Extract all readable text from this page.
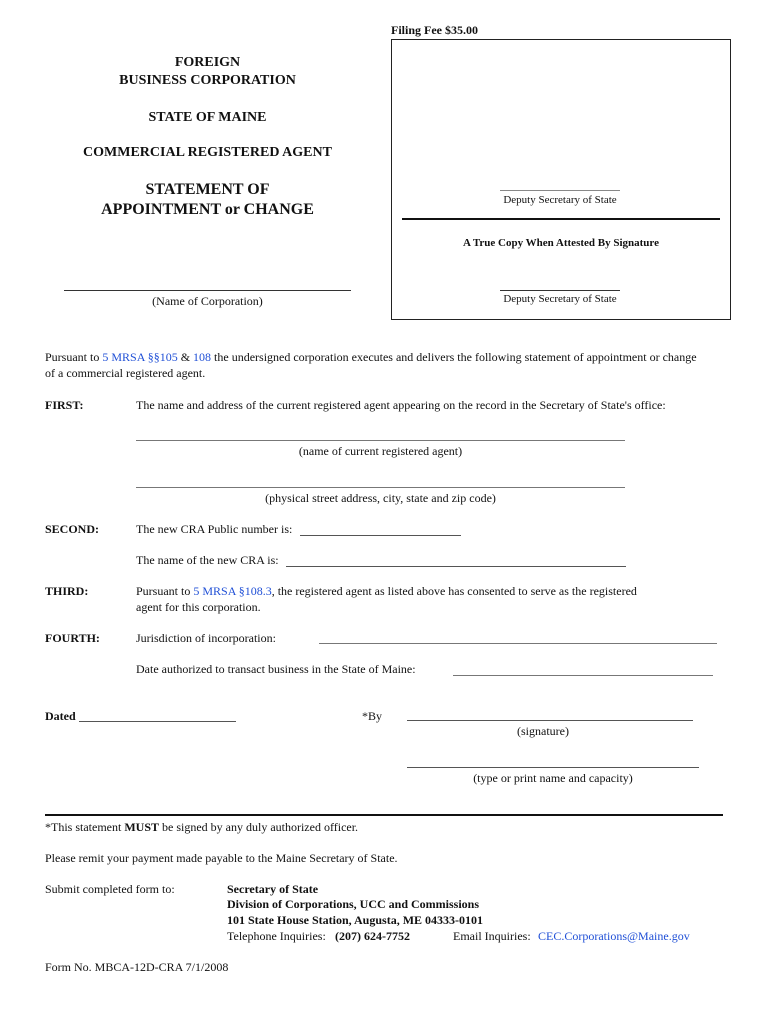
Filing Fee $35.00
FOREIGN
BUSINESS CORPORATION
STATE OF MAINE
COMMERCIAL REGISTERED AGENT
STATEMENT OF
APPOINTMENT or CHANGE
(Name of Corporation)
Deputy Secretary of State
A True Copy When Attested By Signature
Deputy Secretary of State
Pursuant to 5 MRSA §§105 & 108 the undersigned corporation executes and delivers the following statement of appointment or change
of a commercial registered agent.
FIRST:	The name and address of the current registered agent appearing on the record in the Secretary of State's office:
(name of current registered agent)
(physical street address, city, state and zip code)
SECOND:	The new CRA Public number is:
The name of the new CRA is:
THIRD:	Pursuant to 5 MRSA §108.3, the registered agent as listed above has consented to serve as the registered
agent for this corporation.
FOURTH:	Jurisdiction of incorporation:
Date authorized to transact business in the State of Maine:
Dated	*By
(signature)
(type or print name and capacity)
*This statement MUST be signed by any duly authorized officer.
Please remit your payment made payable to the Maine Secretary of State.
Submit completed form to:	Secretary of State
Division of Corporations, UCC and Commissions
101 State House Station, Augusta, ME 04333-0101
Telephone Inquiries: (207) 624-7752	Email Inquiries: CEC.Corporations@Maine.gov
Form No. MBCA-12D-CRA 7/1/2008
